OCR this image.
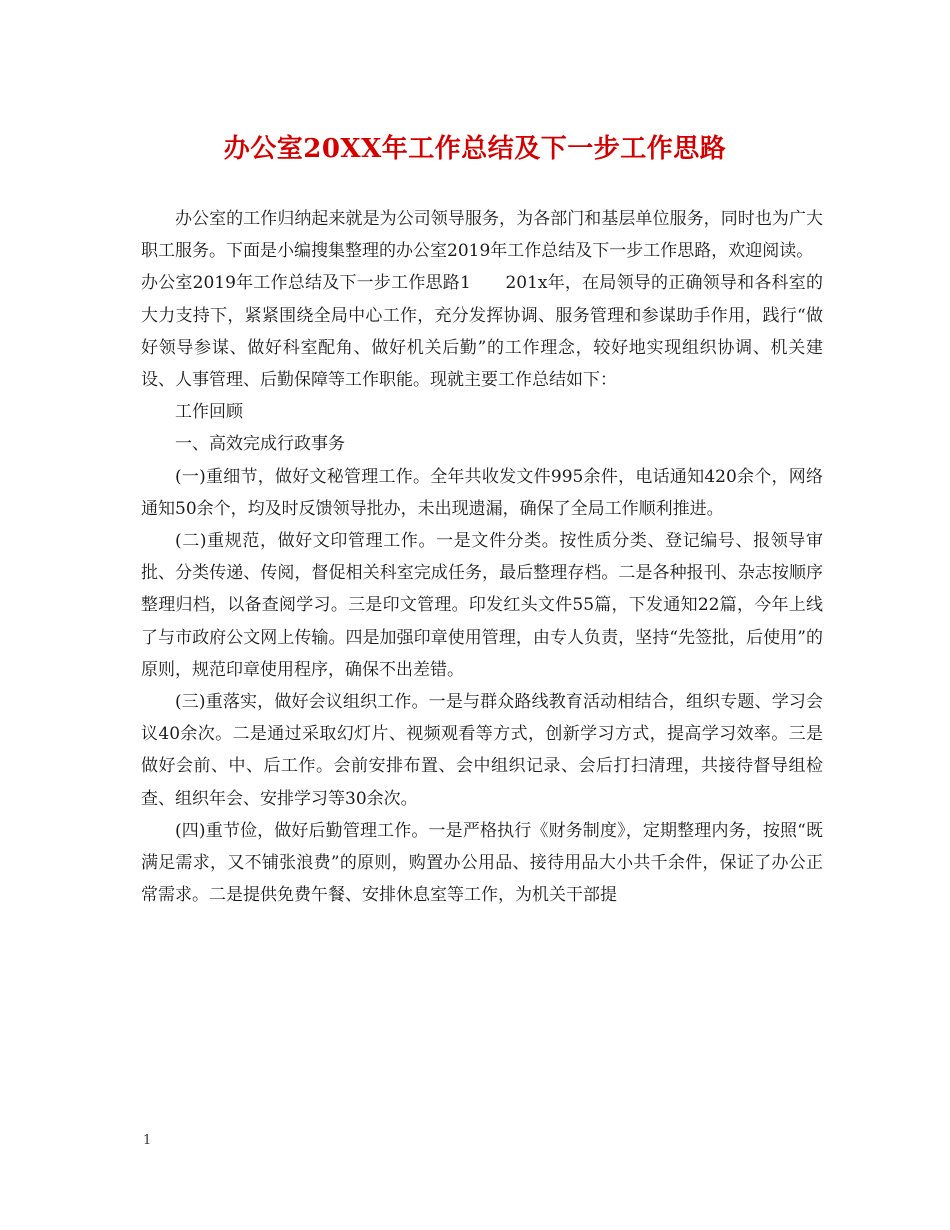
办公室20XX年工作总结及下一步工作思路

办公室的工作归纳起来就是为公司领导服务，为各部门和基层单位服务，同时也为广大职工服务。下面是小编搜集整理的办公室2019年工作总结及下一步工作思路，欢迎阅读。

办公室2019年工作总结及下一步工作思路1　　201x年，在局领导的正确领导和各科室的大力支持下，紧紧围绕全局中心工作，充分发挥协调、服务管理和参谋助手作用，践行“做好领导参谋、做好科室配角、做好机关后勤”的工作理念，较好地实现组织协调、机关建设、人事管理、后勤保障等工作职能。现就主要工作总结如下：

工作回顾

一、高效完成行政事务

(一)重细节，做好文秘管理工作。全年共收发文件995余件，电话通知420余个，网络通知50余个，均及时反馈领导批办，未出现遗漏，确保了全局工作顺利推进。

(二)重规范，做好文印管理工作。一是文件分类。按性质分类、登记编号、报领导审批、分类传递、传阅，督促相关科室完成任务，最后整理存档。二是各种报刊、杂志按顺序整理归档，以备查阅学习。三是印文管理。印发红头文件55篇，下发通知22篇，今年上线了与市政府公文网上传输。四是加强印章使用管理，由专人负责，坚持“先签批，后使用”的原则，规范印章使用程序，确保不出差错。

(三)重落实，做好会议组织工作。一是与群众路线教育活动相结合，组织专题、学习会议40余次。二是通过采取幻灯片、视频观看等方式，创新学习方式，提高学习效率。三是做好会前、中、后工作。会前安排布置、会中组织记录、会后打扫清理，共接待督导组检查、组织年会、安排学习等30余次。

(四)重节俭，做好后勤管理工作。一是严格执行《财务制度》，定期整理内务，按照“既满足需求，又不铺张浪费”的原则，购置办公用品、接待用品大小共千余件，保证了办公正常需求。二是提供免费午餐、安排休息室等工作，为机关干部提

1
